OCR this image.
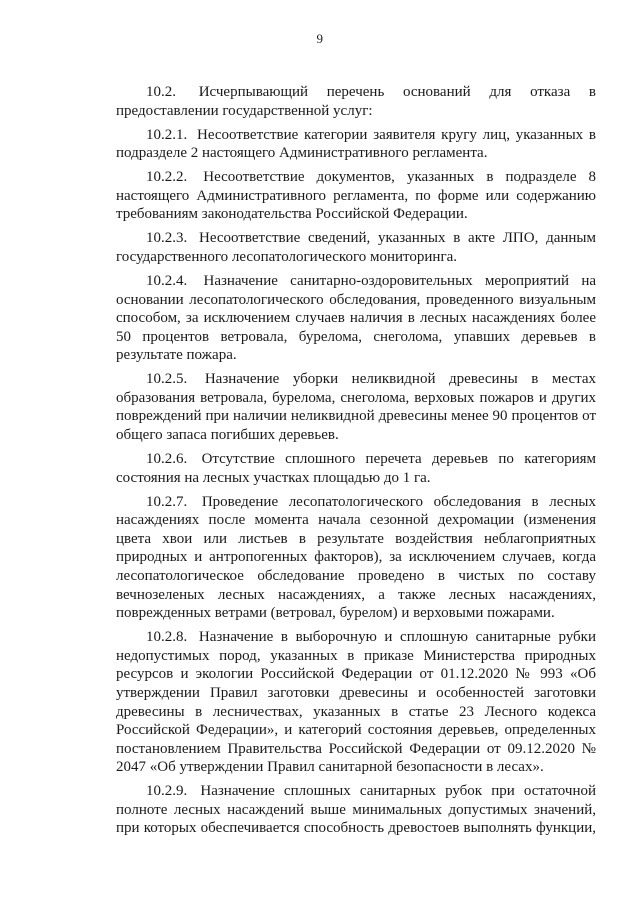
9

10.2. Исчерпывающий перечень оснований для отказа в предоставлении государственной услуг:

10.2.1. Несоответствие категории заявителя кругу лиц, указанных в подразделе 2 настоящего Административного регламента.

10.2.2. Несоответствие документов, указанных в подразделе 8 настоящего Административного регламента, по форме или содержанию требованиям законодательства Российской Федерации.

10.2.3. Несоответствие сведений, указанных в акте ЛПО, данным государственного лесопатологического мониторинга.

10.2.4. Назначение санитарно-оздоровительных мероприятий на основании лесопатологического обследования, проведенного визуальным способом, за исключением случаев наличия в лесных насаждениях более 50 процентов ветровала, бурелома, снеголома, упавших деревьев в результате пожара.

10.2.5. Назначение уборки неликвидной древесины в местах образования ветровала, бурелома, снеголома, верховых пожаров и других повреждений при наличии неликвидной древесины менее 90 процентов от общего запаса погибших деревьев.

10.2.6. Отсутствие сплошного перечета деревьев по категориям состояния на лесных участках площадью до 1 га.

10.2.7. Проведение лесопатологического обследования в лесных насаждениях после момента начала сезонной дехромации (изменения цвета хвои или листьев в результате воздействия неблагоприятных природных и антропогенных факторов), за исключением случаев, когда лесопатологическое обследование проведено в чистых по составу вечнозеленых лесных насаждениях, а также лесных насаждениях, поврежденных ветрами (ветровал, бурелом) и верховыми пожарами.

10.2.8. Назначение в выборочную и сплошную санитарные рубки недопустимых пород, указанных в приказе Министерства природных ресурсов и экологии Российской Федерации от 01.12.2020 № 993 «Об утверждении Правил заготовки древесины и особенностей заготовки древесины в лесничествах, указанных в статье 23 Лесного кодекса Российской Федерации», и категорий состояния деревьев, определенных постановлением Правительства Российской Федерации от 09.12.2020 № 2047 «Об утверждении Правил санитарной безопасности в лесах».

10.2.9. Назначение сплошных санитарных рубок при остаточной полноте лесных насаждений выше минимальных допустимых значений, при которых обеспечивается способность древостоев выполнять функции,
